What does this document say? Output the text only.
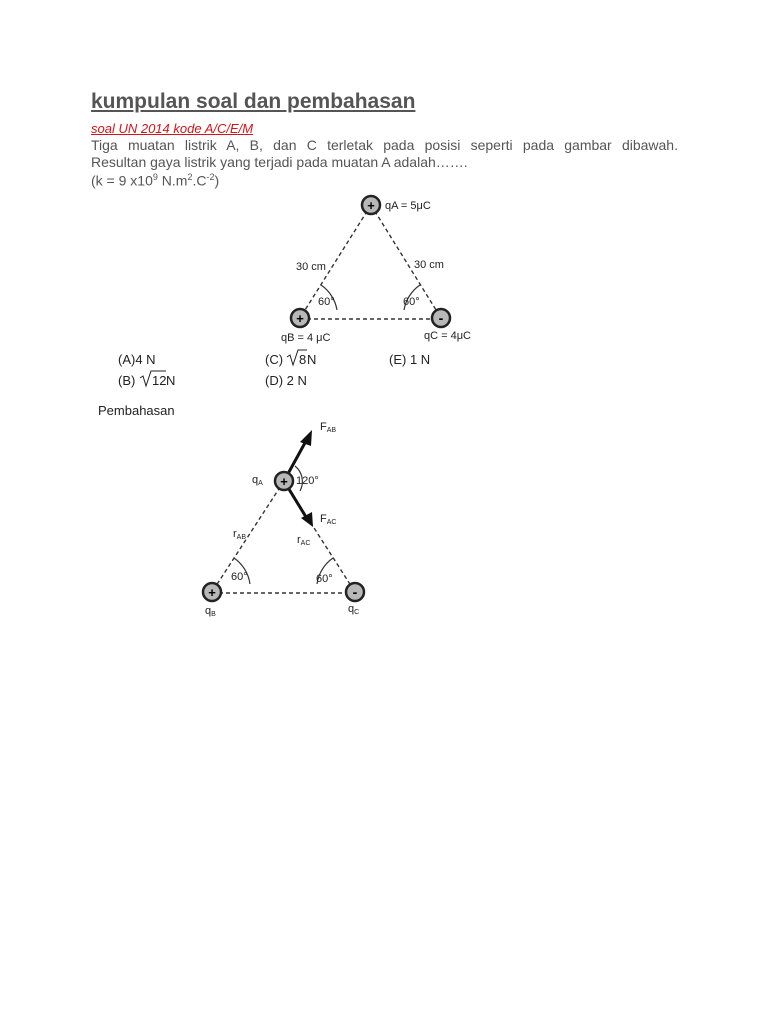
kumpulan soal dan pembahasan
soal UN 2014 kode A/C/E/M
Tiga muatan listrik A, B, dan C terletak pada posisi seperti pada gambar dibawah.
Resultan gaya listrik yang terjadi pada muatan A adalah…….
(k = 9 $x10^9$ $N.m^2.C^{-2}$)
+
+	-
qA = 5μC
30 cm	30 cm
60°	60°
qB = 4 μC	qC = 4μC
(A)4 N
(B) 12 N
(C) 8 N
(D) 2 N
(E) 1 N
Pembahasan
+
+	-
FAB
FAC
qA	120°
rAB	rAC
60°	60°
qB	qC
